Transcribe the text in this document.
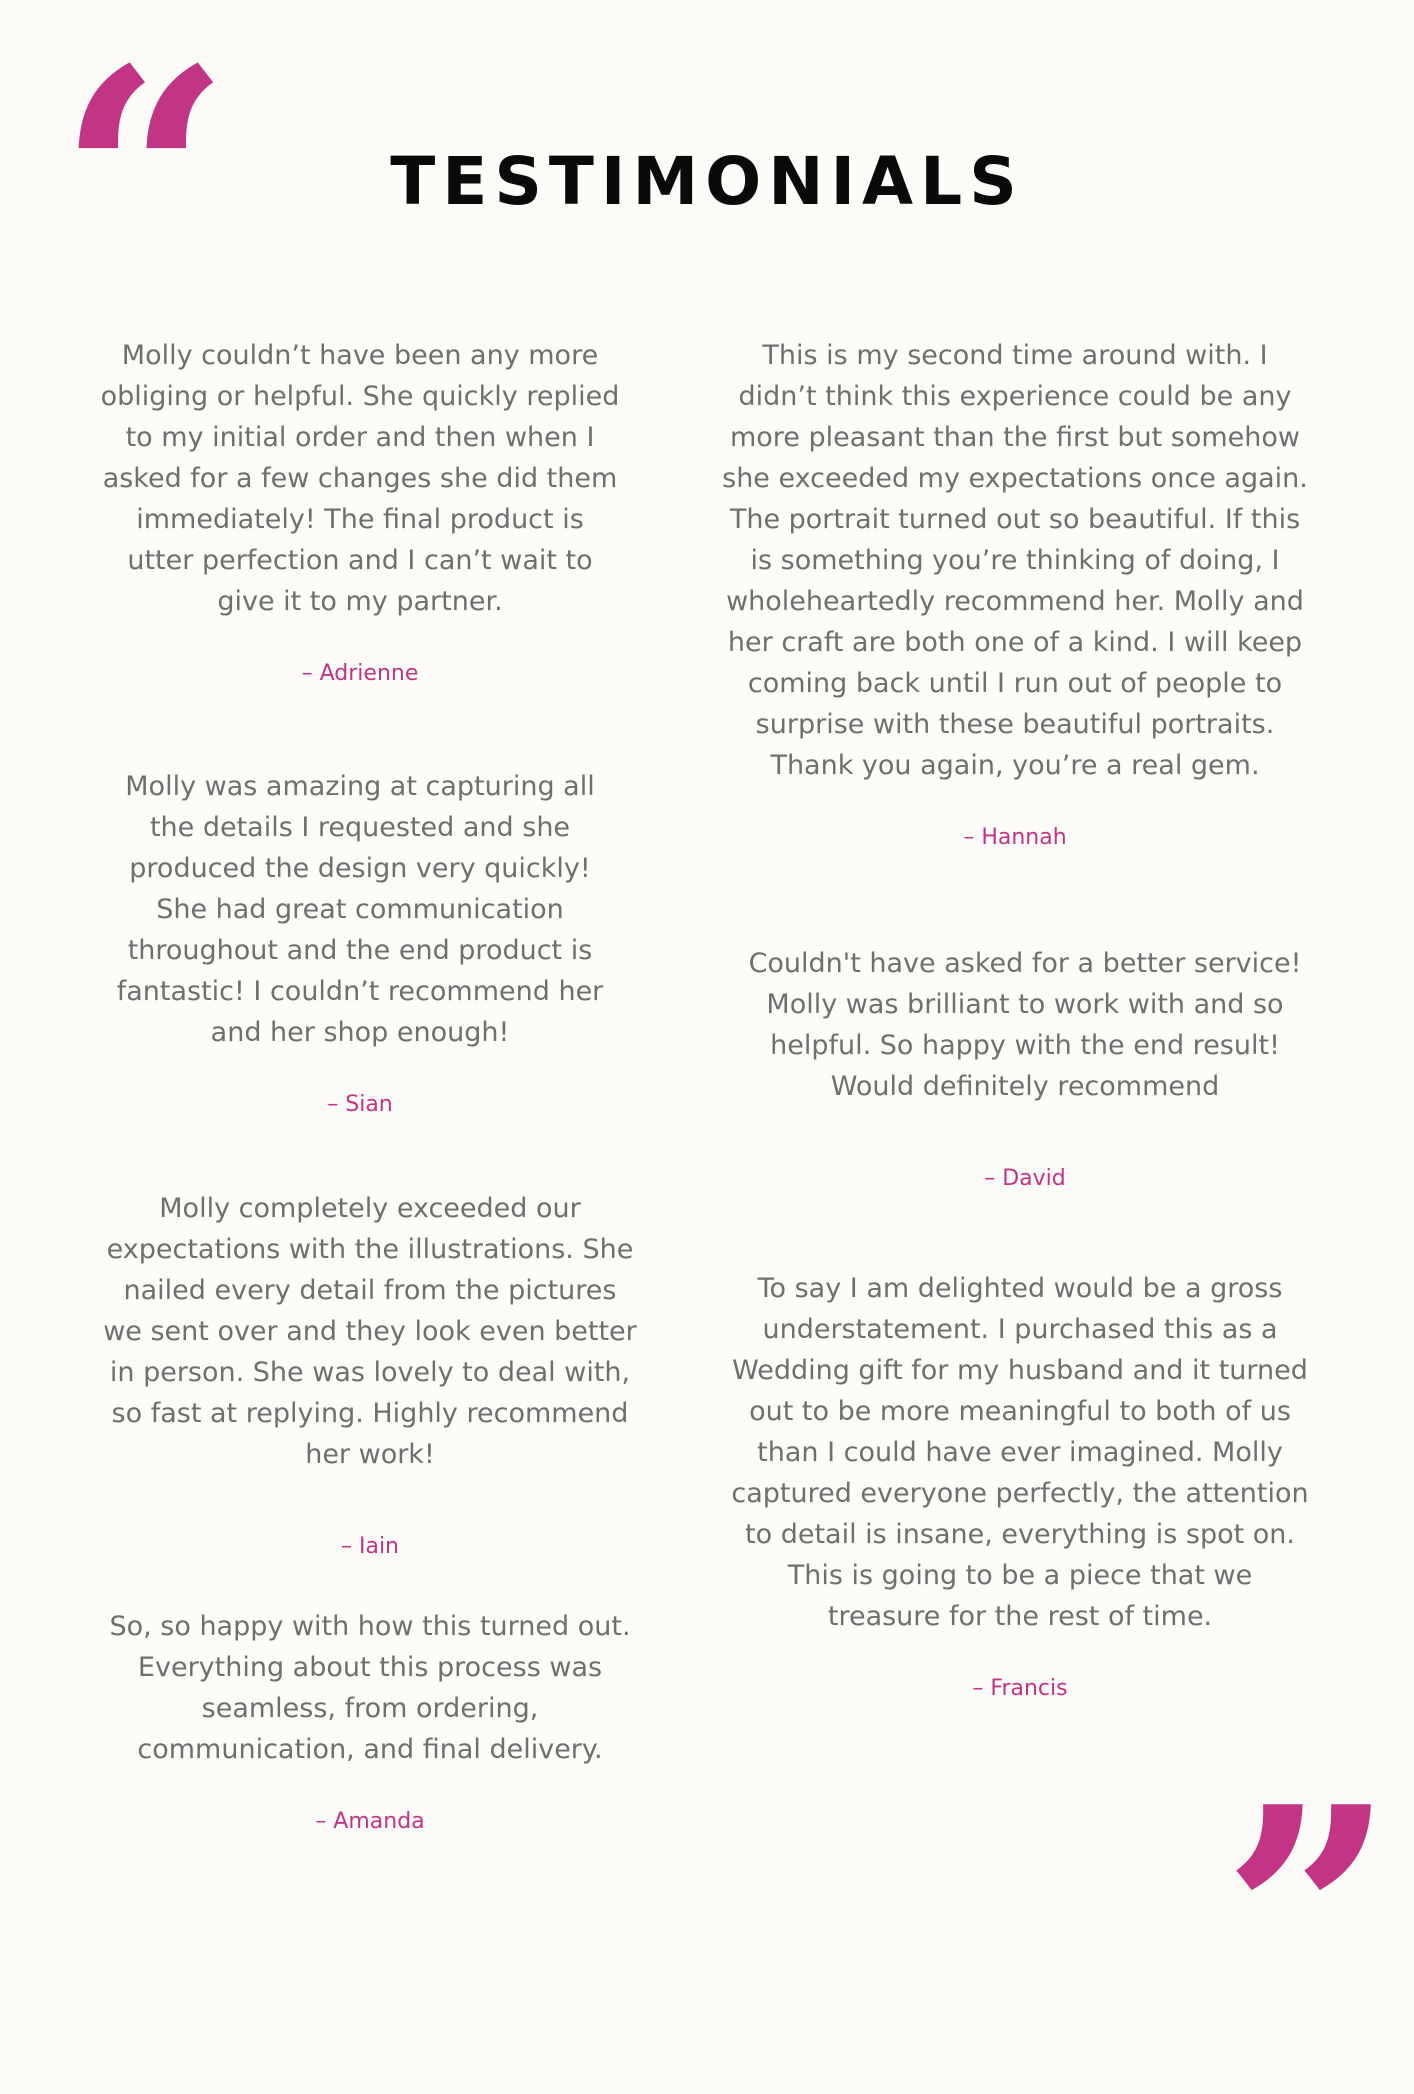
“	TESTIMONIALS

Molly couldn’t have been any more obliging or helpful. She quickly replied to my initial order and then when I asked for a few changes she did them immediately! The final product is utter perfection and I can’t wait to give it to my partner.

– Adrienne

Molly was amazing at capturing all the details I requested and she produced the design very quickly! She had great communication throughout and the end product is fantastic! I couldn’t recommend her and her shop enough!

– Sian

Molly completely exceeded our expectations with the illustrations. She nailed every detail from the pictures we sent over and they look even better in person. She was lovely to deal with, so fast at replying. Highly recommend her work!

– Iain

So, so happy with how this turned out. Everything about this process was seamless, from ordering, communication, and final delivery.

– Amanda

This is my second time around with. I didn’t think this experience could be any more pleasant than the first but somehow she exceeded my expectations once again. The portrait turned out so beautiful. If this is something you’re thinking of doing, I wholeheartedly recommend her. Molly and her craft are both one of a kind. I will keep coming back until I run out of people to surprise with these beautiful portraits. Thank you again, you’re a real gem.

– Hannah

Couldn't have asked for a better service! Molly was brilliant to work with and so helpful. So happy with the end result! Would definitely recommend

– David

To say I am delighted would be a gross understatement. I purchased this as a Wedding gift for my husband and it turned out to be more meaningful to both of us than I could have ever imagined. Molly captured everyone perfectly, the attention to detail is insane, everything is spot on. This is going to be a piece that we treasure for the rest of time.

– Francis

”
